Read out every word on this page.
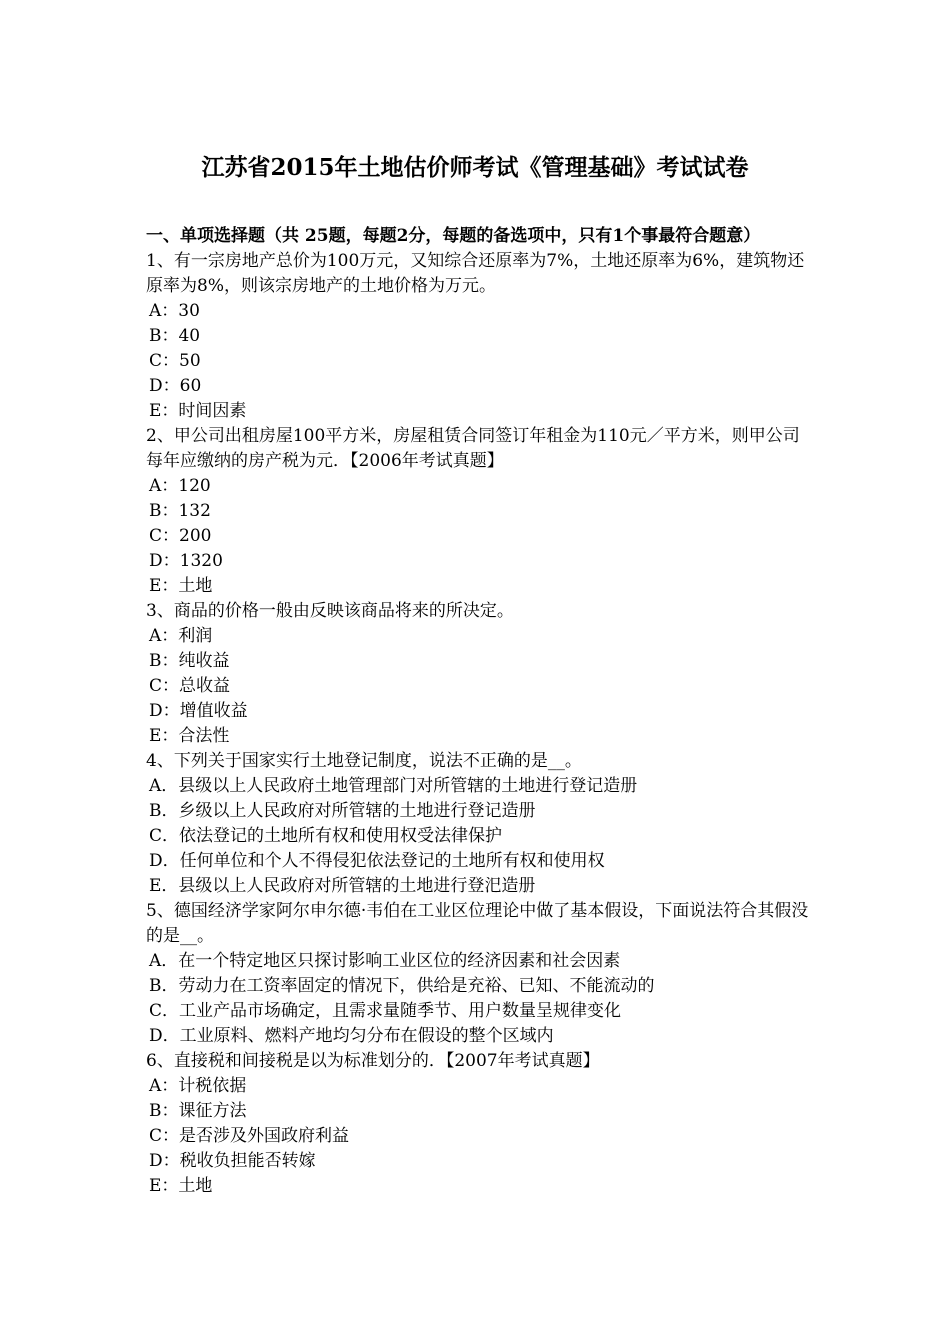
江苏省2015年土地估价师考试《管理基础》考试试卷

一、单项选择题（共 25题，每题2分，每题的备选项中，只有1个事最符合题意）

1、有一宗房地产总价为100万元，又知综合还原率为7%，土地还原率为6%，建筑物还原率为8%，则该宗房地产的土地价格为万元。

A：30
B：40
C：50
D：60
E：时间因素

2、甲公司出租房屋100平方米，房屋租赁合同签订年租金为110元／平方米，则甲公司每年应缴纳的房产税为元．【2006年考试真题】

A：120
B：132
C：200
D：1320
E：土地

3、商品的价格一般由反映该商品将来的所决定。

A：利润
B：纯收益
C：总收益
D：增值收益
E：合法性

4、下列关于国家实行土地登记制度，说法不正确的是__。

A．县级以上人民政府土地管理部门对所管辖的土地进行登记造册
B．乡级以上人民政府对所管辖的土地进行登记造册
C．依法登记的土地所有权和使用权受法律保护
D．任何单位和个人不得侵犯依法登记的土地所有权和使用权
E．县级以上人民政府对所管辖的土地进行登汜造册

5、德国经济学家阿尔申尔德·韦伯在工业区位理论中做了基本假设，下面说法符合其假没的是__。

A．在一个特定地区只探讨影响工业区位的经济因素和社会因素
B．劳动力在工资率固定的情况下，供给是充裕、已知、不能流动的
C．工业产品市场确定，且需求量随季节、用户数量呈规律变化
D．工业原料、燃料产地均匀分布在假设的整个区域内

6、直接税和间接税是以为标准划分的．【2007年考试真题】

A：计税依据
B：课征方法
C：是否涉及外国政府利益
D：税收负担能否转嫁
E：土地
